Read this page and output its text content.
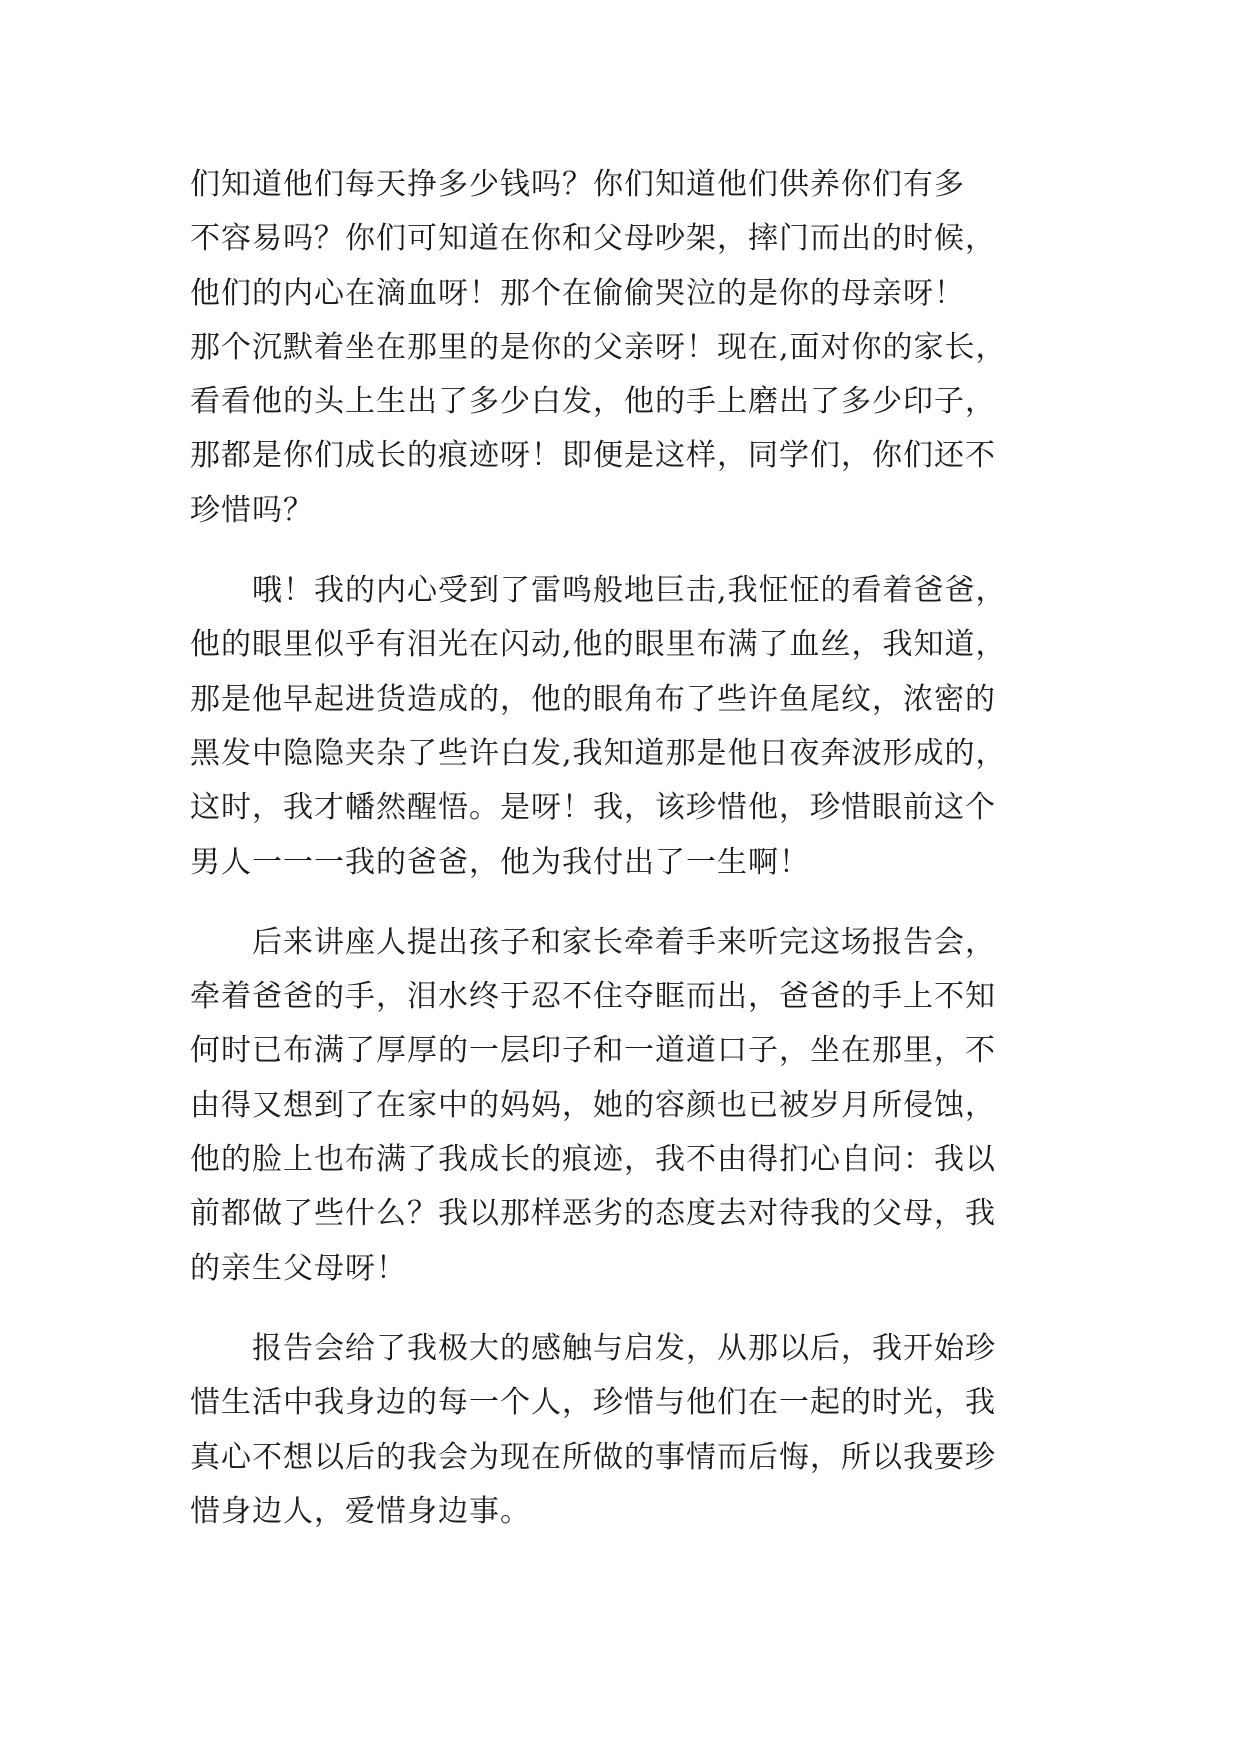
们知道他们每天挣多少钱吗？你们知道他们供养你们有多
不容易吗？你们可知道在你和父母吵架，摔门而出的时候，
他们的内心在滴血呀！那个在偷偷哭泣的是你的母亲呀！
那个沉默着坐在那里的是你的父亲呀！现在,面对你的家长，
看看他的头上生出了多少白发，他的手上磨出了多少印子，
那都是你们成长的痕迹呀！即便是这样，同学们，你们还不
珍惜吗？
哦！我的内心受到了雷鸣般地巨击,我怔怔的看着爸爸，
他的眼里似乎有泪光在闪动,他的眼里布满了血丝，我知道，
那是他早起进货造成的，他的眼角布了些许鱼尾纹，浓密的
黑发中隐隐夹杂了些许白发,我知道那是他日夜奔波形成的，
这时，我才幡然醒悟。是呀！我，该珍惜他，珍惜眼前这个
男人一一一我的爸爸，他为我付出了一生啊！
后来讲座人提出孩子和家长牵着手来听完这场报告会，
牵着爸爸的手，泪水终于忍不住夺眶而出，爸爸的手上不知
何时已布满了厚厚的一层印子和一道道口子，坐在那里，不
由得又想到了在家中的妈妈，她的容颜也已被岁月所侵蚀，
他的脸上也布满了我成长的痕迹，我不由得扪心自问：我以
前都做了些什么？我以那样恶劣的态度去对待我的父母，我
的亲生父母呀！
报告会给了我极大的感触与启发，从那以后，我开始珍
惜生活中我身边的每一个人，珍惜与他们在一起的时光，我
真心不想以后的我会为现在所做的事情而后悔，所以我要珍
惜身边人，爱惜身边事。
